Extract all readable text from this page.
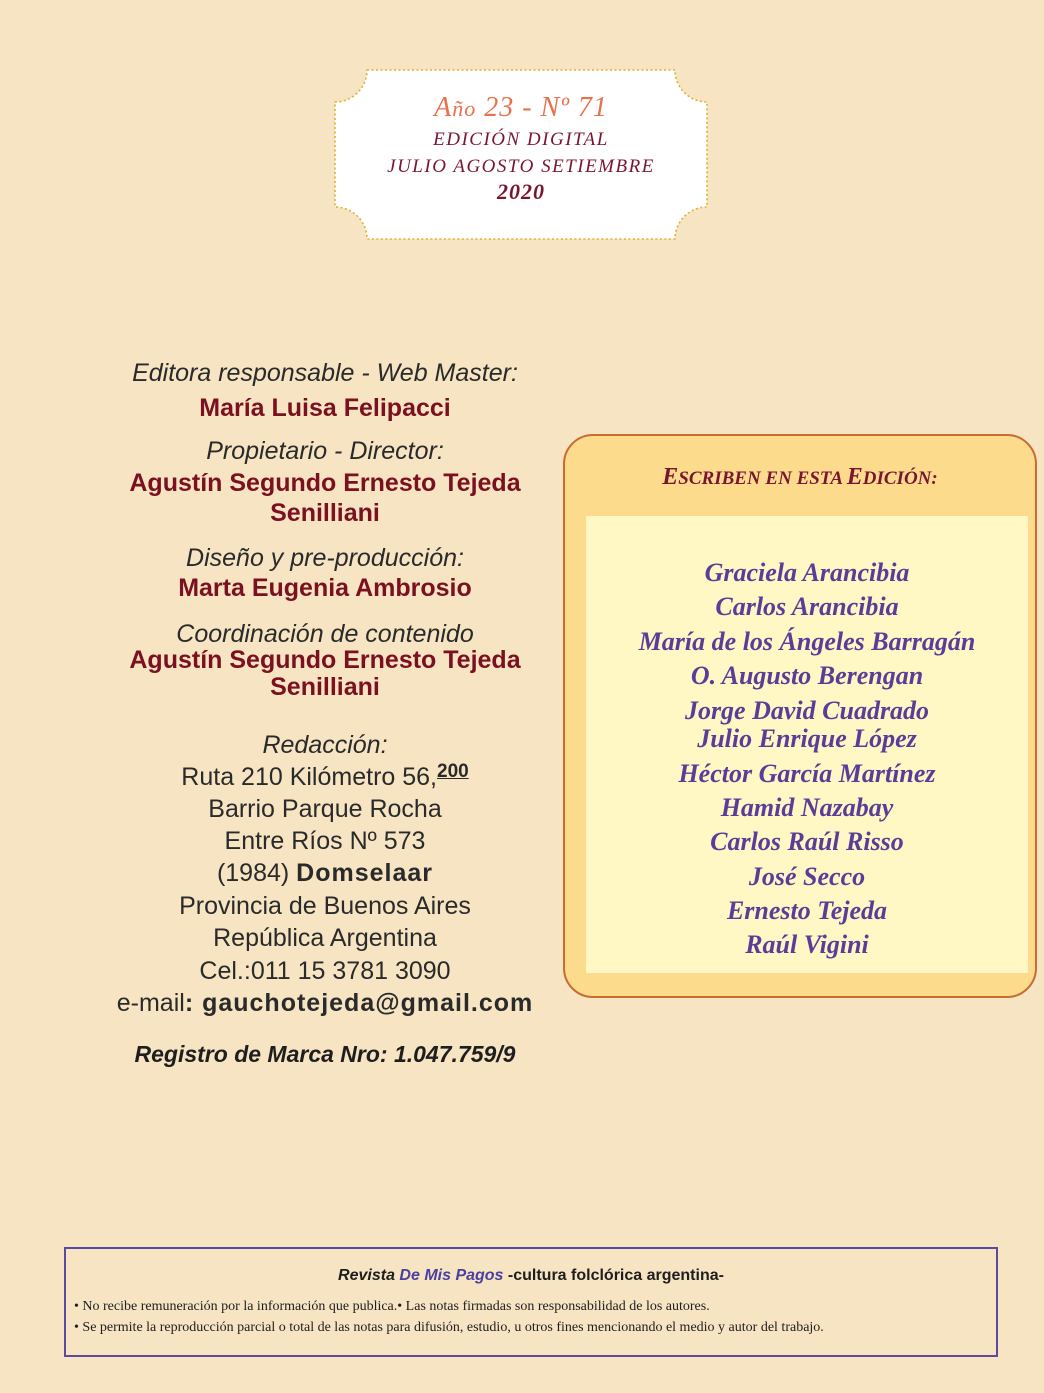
Año 23 - Nº 71
EDICIÓN DIGITAL
JULIO AGOSTO SETIEMBRE
2020
Editora responsable - Web Master:
María Luisa Felipacci
Propietario - Director:
Agustín Segundo Ernesto Tejeda
Senilliani
Diseño y pre-producción:
Marta Eugenia Ambrosio
Coordinación de contenido
Agustín Segundo Ernesto Tejeda
Senilliani
Redacción:
Ruta 210 Kilómetro 56,$^{200}$
Barrio Parque Rocha
Entre Ríos Nº 573
(1984) Domselaar
Provincia de Buenos Aires
República Argentina
Cel.:011 15 3781 3090
e-mail: gauchotejeda@gmail.com
Registro de Marca Nro: 1.047.759/9
ESCRIBEN EN ESTA EDICIÓN:
Graciela Arancibia
Carlos Arancibia
María de los Ángeles Barragán
O. Augusto Berengan
Jorge David Cuadrado
Julio Enrique López
Héctor García Martínez
Hamid Nazabay
Carlos Raúl Risso
José Secco
Ernesto Tejeda
Raúl Vigini
Revista De Mis Pagos -cultura folclórica argentina-
• No recibe remuneración por la información que publica.• Las notas firmadas son responsabilidad de los autores.
• Se permite la reproducción parcial o total de las notas para difusión, estudio, u otros fines mencionando el medio y autor del trabajo.
